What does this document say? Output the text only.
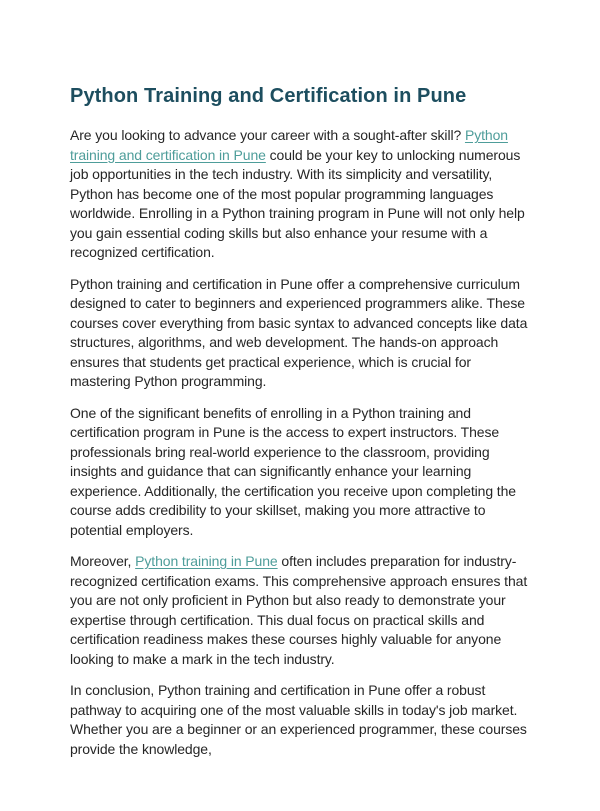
Python Training and Certification in Pune

Are you looking to advance your career with a sought-after skill? Python training and certification in Pune could be your key to unlocking numerous job opportunities in the tech industry. With its simplicity and versatility, Python has become one of the most popular programming languages worldwide. Enrolling in a Python training program in Pune will not only help you gain essential coding skills but also enhance your resume with a recognized certification.

Python training and certification in Pune offer a comprehensive curriculum designed to cater to beginners and experienced programmers alike. These courses cover everything from basic syntax to advanced concepts like data structures, algorithms, and web development. The hands-on approach ensures that students get practical experience, which is crucial for mastering Python programming.

One of the significant benefits of enrolling in a Python training and certification program in Pune is the access to expert instructors. These professionals bring real-world experience to the classroom, providing insights and guidance that can significantly enhance your learning experience. Additionally, the certification you receive upon completing the course adds credibility to your skillset, making you more attractive to potential employers.

Moreover, Python training in Pune often includes preparation for industry-recognized certification exams. This comprehensive approach ensures that you are not only proficient in Python but also ready to demonstrate your expertise through certification. This dual focus on practical skills and certification readiness makes these courses highly valuable for anyone looking to make a mark in the tech industry.

In conclusion, Python training and certification in Pune offer a robust pathway to acquiring one of the most valuable skills in today's job market. Whether you are a beginner or an experienced programmer, these courses provide the knowledge,
